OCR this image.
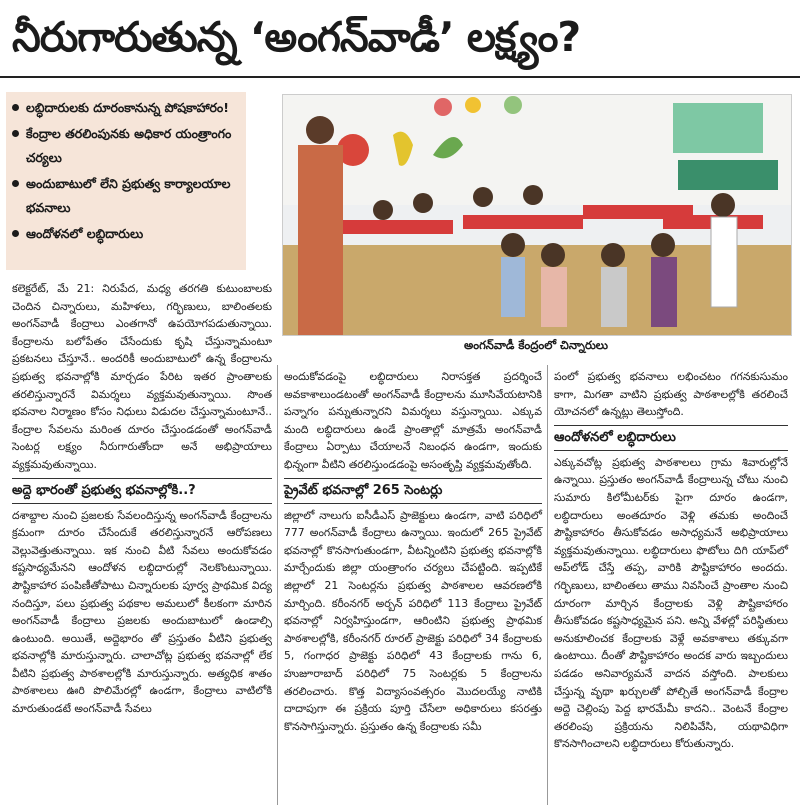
నీరుగారుతున్న ‘అంగన్‌వాడీ’ లక్ష్యం?
లబ్ధిదారులకు దూరంకానున్న పోషకాహారం!
కేంద్రాల తరలింపునకు అధికార యంత్రాంగం చర్యలు
అందుబాటులో లేని ప్రభుత్వ కార్యాలయాల భవనాలు
ఆందోళనలో లబ్ధిదారులు
అంగన్‌వాడీ కేంద్రంలో చిన్నారులు

కలెక్టరేట్, మే 21: నిరుపేద, మధ్య తరగతి కుటుంబాలకు చెందిన చిన్నారులు, మహిళలు, గర్భిణులు, బాలింతలకు అంగన్‌వాడీ కేంద్రాలు ఎంతగానో ఉపయోగపడుతున్నాయి. కేంద్రాలను బలోపేతం చేసేందుకు కృషి చేస్తున్నామంటూ ప్రకటనలు చేస్తూనే.. అందరికీ అందుబాటులో ఉన్న కేంద్రాలను ప్రభుత్వ భవనాల్లోకి మార్చడం పేరిట ఇతర ప్రాంతాలకు తరలిస్తున్నారనే విమర్శలు వ్యక్తమవుతున్నాయి. సొంత భవనాల నిర్మాణం కోసం నిధులు విడుదల చేస్తున్నామంటూనే.. కేంద్రాల సేవలను మరింత దూరం చేస్తుండడంతో అంగన్‌వాడీ సెంటర్ల లక్ష్యం నీరుగారుతోందా అనే అభిప్రాయాలు వ్యక్తమవుతున్నాయి.

అద్దె భారంతో ప్రభుత్వ భవనాల్లోకి..?

దశాబ్దాల నుంచి ప్రజలకు సేవలందిస్తున్న అంగన్‌వాడీ కేంద్రాలను క్రమంగా దూరం చేసేందుకే తరలిస్తున్నారనే ఆరోపణలు వెల్లువెత్తుతున్నాయి. ఇక నుంచి వీటి సేవలు అందుకోవడం కష్టసాధ్యమేనని ఆందోళన లబ్ధిదారుల్లో నెలకొంటున్నాయి. పౌష్టికాహార పంపిణీతోపాటు చిన్నారులకు పూర్వ ప్రాథమిక విద్య నందిస్తూ, పలు ప్రభుత్వ పథకాల అమలులో కీలకంగా మారిన అంగన్‌వాడీ కేంద్రాలు ప్రజలకు అందుబాటులో ఉండాల్సి ఉంటుంది. అయితే, అద్దెభారం తో ప్రస్తుతం వీటిని ప్రభుత్వ భవనాల్లోకి మారుస్తున్నారు. చాలాచోట్ల ప్రభుత్వ భవనాల్లో లేక వీటిని ప్రభుత్వ పాఠశాలల్లోకి మారుస్తున్నారు. అత్యధిక శాతం పాఠశాలలు ఊరి పొలిమేరల్లో ఉండగా, కేంద్రాలు వాటిలోకి మారుతుండటే అంగన్‌వాడీ సేవలు

అందుకోవడంపై లబ్ధిదారులు నిరాసక్తత ప్రదర్శించే అవకాశాలుండటంతో అంగన్‌వాడీ కేంద్రాలను మూసివేయటానికి పన్నాగం పన్నుతున్నారని విమర్శలు వస్తున్నాయి. ఎక్కువ మంది లబ్ధిదారులు ఉండే ప్రాంతాల్లో మాత్రమే అంగన్‌వాడీ కేంద్రాలు ఏర్పాటు చేయాలనే నిబంధన ఉండగా, ఇందుకు భిన్నంగా వీటిని తరలిస్తుండడంపై అసంతృప్తి వ్యక్తమవుతోంది.

ప్రైవేట్ భవనాల్లో 265 సెంటర్లు

జిల్లాలో నాలుగు ఐసీడీఎస్ ప్రాజెక్టులు ఉండగా, వాటి పరిధిలో 777 అంగన్‌వాడీ కేంద్రాలు ఉన్నాయి. ఇందులో 265 ప్రైవేట్ భవనాల్లో కొనసాగుతుండగా, వీటన్నింటిని ప్రభుత్వ భవనాల్లోకి మార్చేందుకు జిల్లా యంత్రాంగం చర్యలు చేపట్టింది. ఇప్పటికే జిల్లాలో 21 సెంటర్లను ప్రభుత్వ పాఠశాలల ఆవరణలోకి మార్చింది. కరీంనగర్ అర్బన్ పరిధిలో 113 కేంద్రాలు ప్రైవేట్ భవనాల్లో నిర్వహిస్తుండగా, ఆరింటిని ప్రభుత్వ ప్రాథమిక పాఠశాలల్లోకి, కరీంనగర్ రూరల్ ప్రాజెక్టు పరిధిలో 34 కేంద్రాలకు 5, గంగాధర ప్రాజెక్టు పరిధిలో 43 కేంద్రాలకు గాను 6, హుజూరాబాద్ పరిధిలో 75 సెంటర్లకు 5 కేంద్రాలను తరలించారు. కొత్త విద్యాసంవత్సరం మొదలయ్యే నాటికి దాదాపుగా ఈ ప్రక్రియ పూర్తి చేసేలా అధికారులు కసరత్తు కొనసాగిస్తున్నారు. ప్రస్తుతం ఉన్న కేంద్రాలకు సమీ

పంలో ప్రభుత్వ భవనాలు లభించటం గగనకుసుమం కాగా, మిగతా వాటిని ప్రభుత్వ పాఠశాలల్లోకి తరలించే యోచనలో ఉన్నట్లు తెలుస్తోంది.

ఆందోళనలో లబ్ధిదారులు

ఎక్కువచోట్ల ప్రభుత్వ పాఠశాలలు గ్రామ శివారుల్లోనే ఉన్నాయి. ప్రస్తుతం అంగన్‌వాడీ కేంద్రాలున్న చోటు నుంచి సుమారు కిలోమీటర్‌కు పైగా దూరం ఉండగా, లబ్ధిదారులు అంతదూరం వెళ్లి తమకు అందించే పౌష్టికాహారం తీసుకోవడం అసాధ్యమనే అభిప్రాయాలు వ్యక్తమవుతున్నాయి. లబ్ధిదారులు ఫొటోలు దిగి యాప్‌లో అప్‌లోడ్ చేస్తే తప్ప, వారికి పౌష్టికాహారం అందదు. గర్భిణులు, బాలింతలు తాము నివసించే ప్రాంతాల నుంచి దూరంగా మార్చిన కేంద్రాలకు వెళ్లి పౌష్టికాహారం తీసుకోవడం కష్టసాధ్యమైన పని. అన్ని వేళల్లో పరిస్థితులు అనుకూలించక కేంద్రాలకు వెళ్లే అవకాశాలు తక్కువగా ఉంటాయి. దీంతో పౌష్టికాహారం అందక వారు ఇబ్బందులు పడడం అనివార్యమనే వాదన వస్తోంది. పాలకులు చేస్తున్న వృథా ఖర్చులతో పోల్చితే అంగన్‌వాడీ కేంద్రాల అద్దె చెల్లింపు పెద్ద భారమేమీ కాదని.. వెంటనే కేంద్రాల తరలింపు ప్రక్రియను నిలిపివేసి, యథావిధిగా కొనసాగించాలని లబ్ధిదారులు కోరుతున్నారు.
